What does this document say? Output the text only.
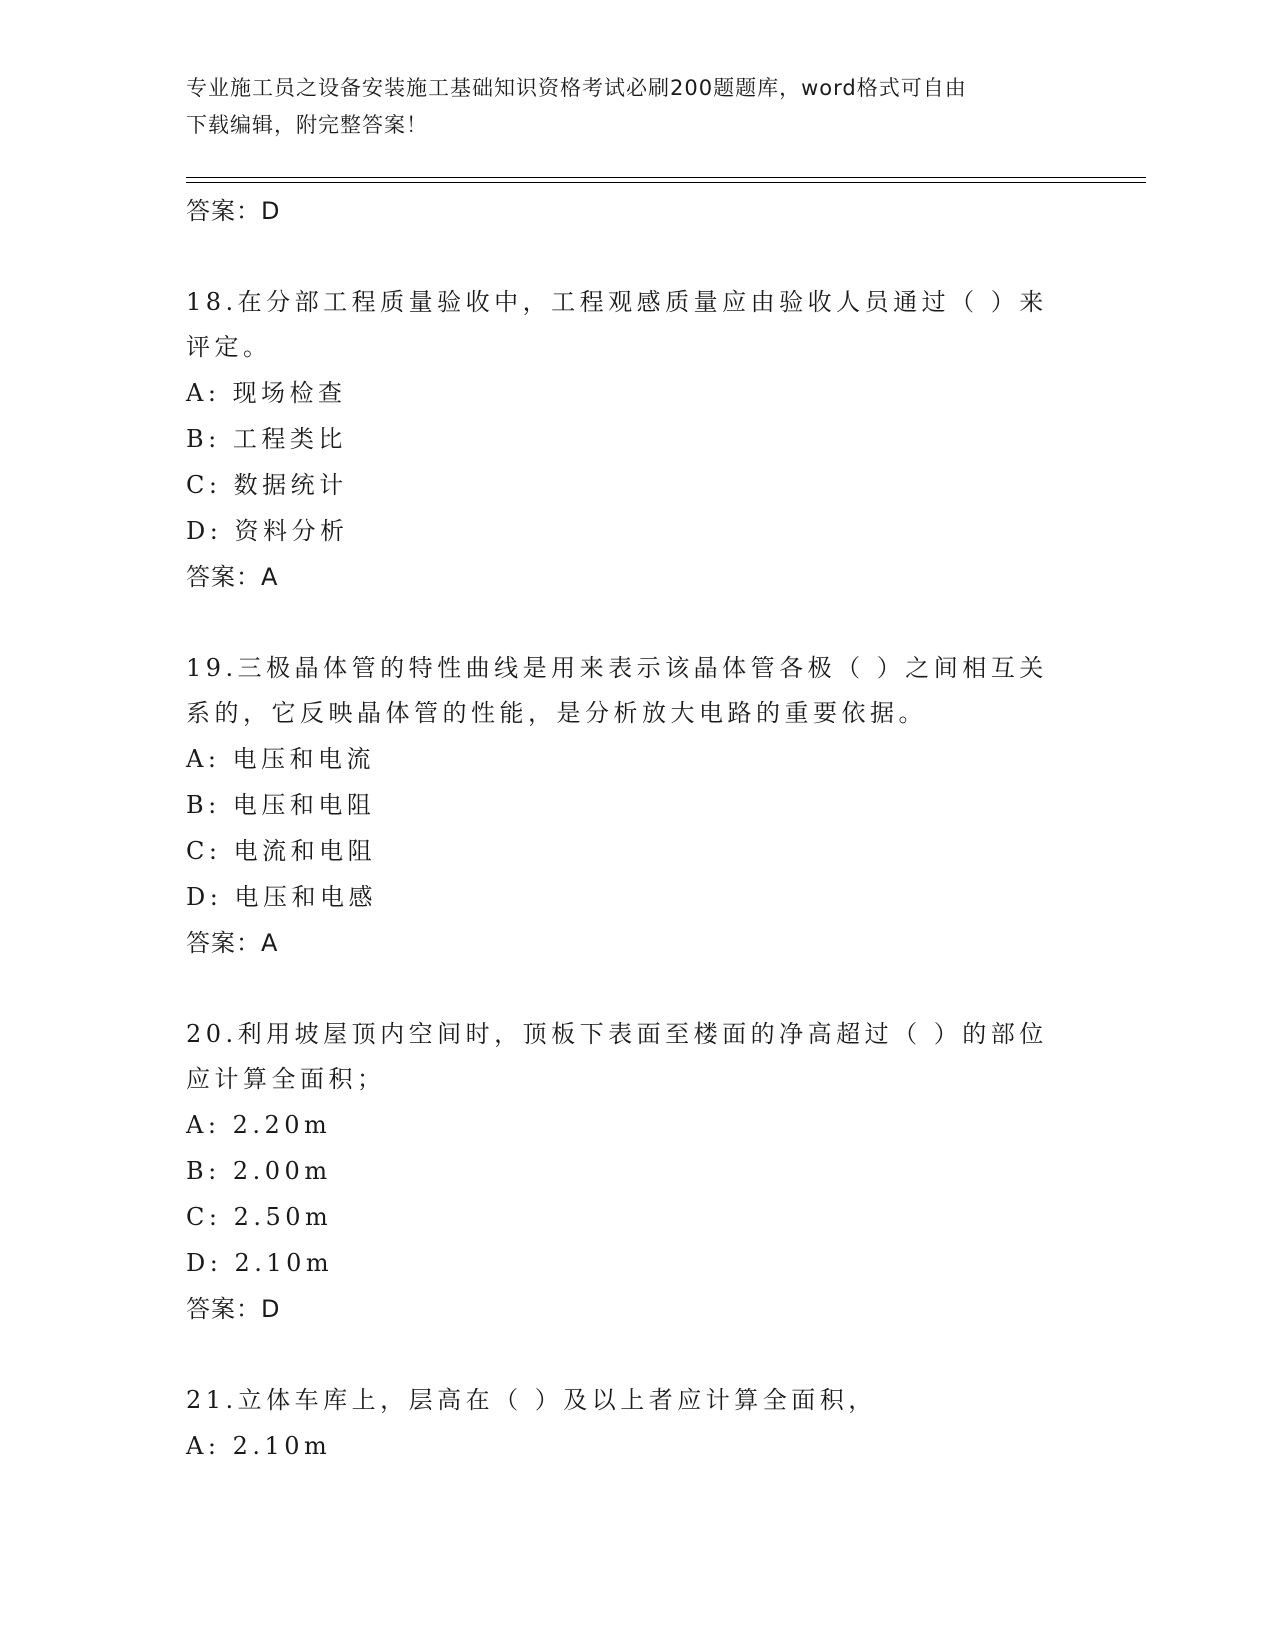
专业施工员之设备安装施工基础知识资格考试必刷200题题库，word格式可自由
下载编辑，附完整答案！
答案：D
18.在分部工程质量验收中，工程观感质量应由验收人员通过（ ）来评定。
A: 现场检查
B: 工程类比
C: 数据统计
D: 资料分析
答案：A
19.三极晶体管的特性曲线是用来表示该晶体管各极（ ）之间相互关系的，它反映晶体管的性能，是分析放大电路的重要依据。
A: 电压和电流
B: 电压和电阻
C: 电流和电阻
D: 电压和电感
答案：A
20.利用坡屋顶内空间时，顶板下表面至楼面的净高超过（ ）的部位应计算全面积；
A: 2.20m
B: 2.00m
C: 2.50m
D: 2.10m
答案：D
21.立体车库上，层高在（ ）及以上者应计算全面积，
A: 2.10m
